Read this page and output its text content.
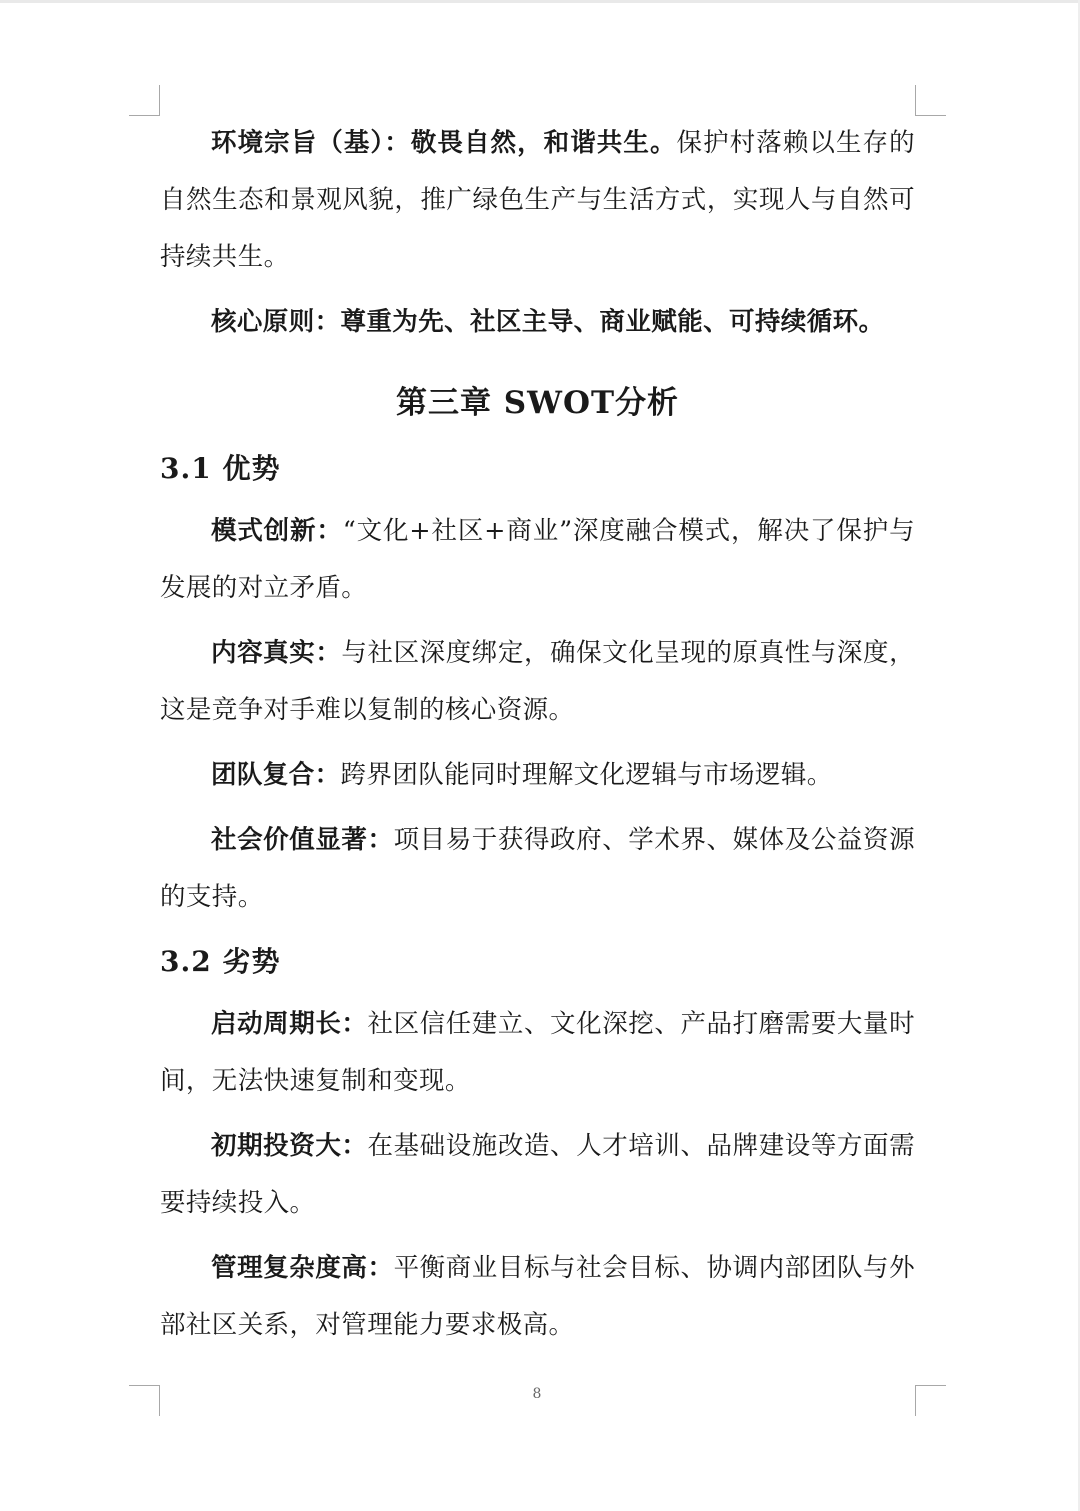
环境宗旨（基）：敬畏自然，和谐共生。保护村落赖以生存的自然生态和景观风貌，推广绿色生产与生活方式，实现人与自然可持续共生。

核心原则：尊重为先、社区主导、商业赋能、可持续循环。

第三章 SWOT分析
3.1 优势

模式创新：“文化+社区+商业”深度融合模式，解决了保护与发展的对立矛盾。

内容真实：与社区深度绑定，确保文化呈现的原真性与深度，这是竞争对手难以复制的核心资源。

团队复合：跨界团队能同时理解文化逻辑与市场逻辑。

社会价值显著：项目易于获得政府、学术界、媒体及公益资源的支持。

3.2 劣势

启动周期长：社区信任建立、文化深挖、产品打磨需要大量时间，无法快速复制和变现。

初期投资大：在基础设施改造、人才培训、品牌建设等方面需要持续投入。

管理复杂度高：平衡商业目标与社会目标、协调内部团队与外部社区关系，对管理能力要求极高。

8
